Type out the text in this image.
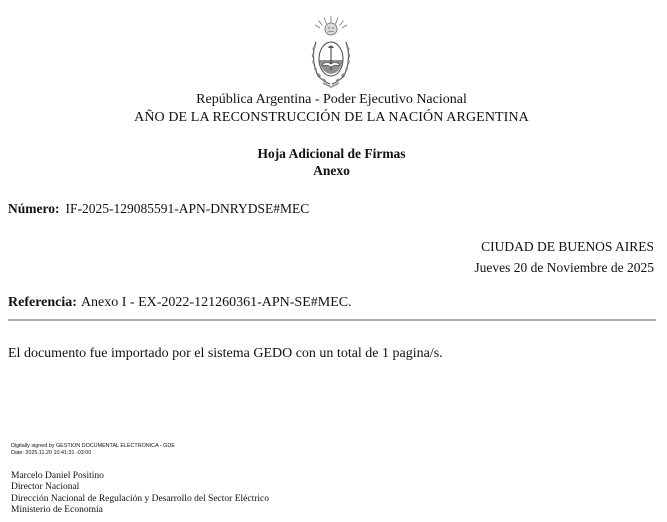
República Argentina - Poder Ejecutivo Nacional
AÑO DE LA RECONSTRUCCIÓN DE LA NACIÓN ARGENTINA
Hoja Adicional de Firmas
Anexo
Número: IF-2025-129085591-APN-DNRYDSE#MEC
CIUDAD DE BUENOS AIRES
Jueves 20 de Noviembre de 2025
Referencia: Anexo I - EX-2022-121260361-APN-SE#MEC.
El documento fue importado por el sistema GEDO con un total de 1 pagina/s.
Digitally signed by GESTION DOCUMENTAL ELECTRONICA - GDE
Date: 2025.11.20 10:41:31 -03:00
Marcelo Daniel Positino
Director Nacional
Dirección Nacional de Regulación y Desarrollo del Sector Eléctrico
Ministerio de Economía
